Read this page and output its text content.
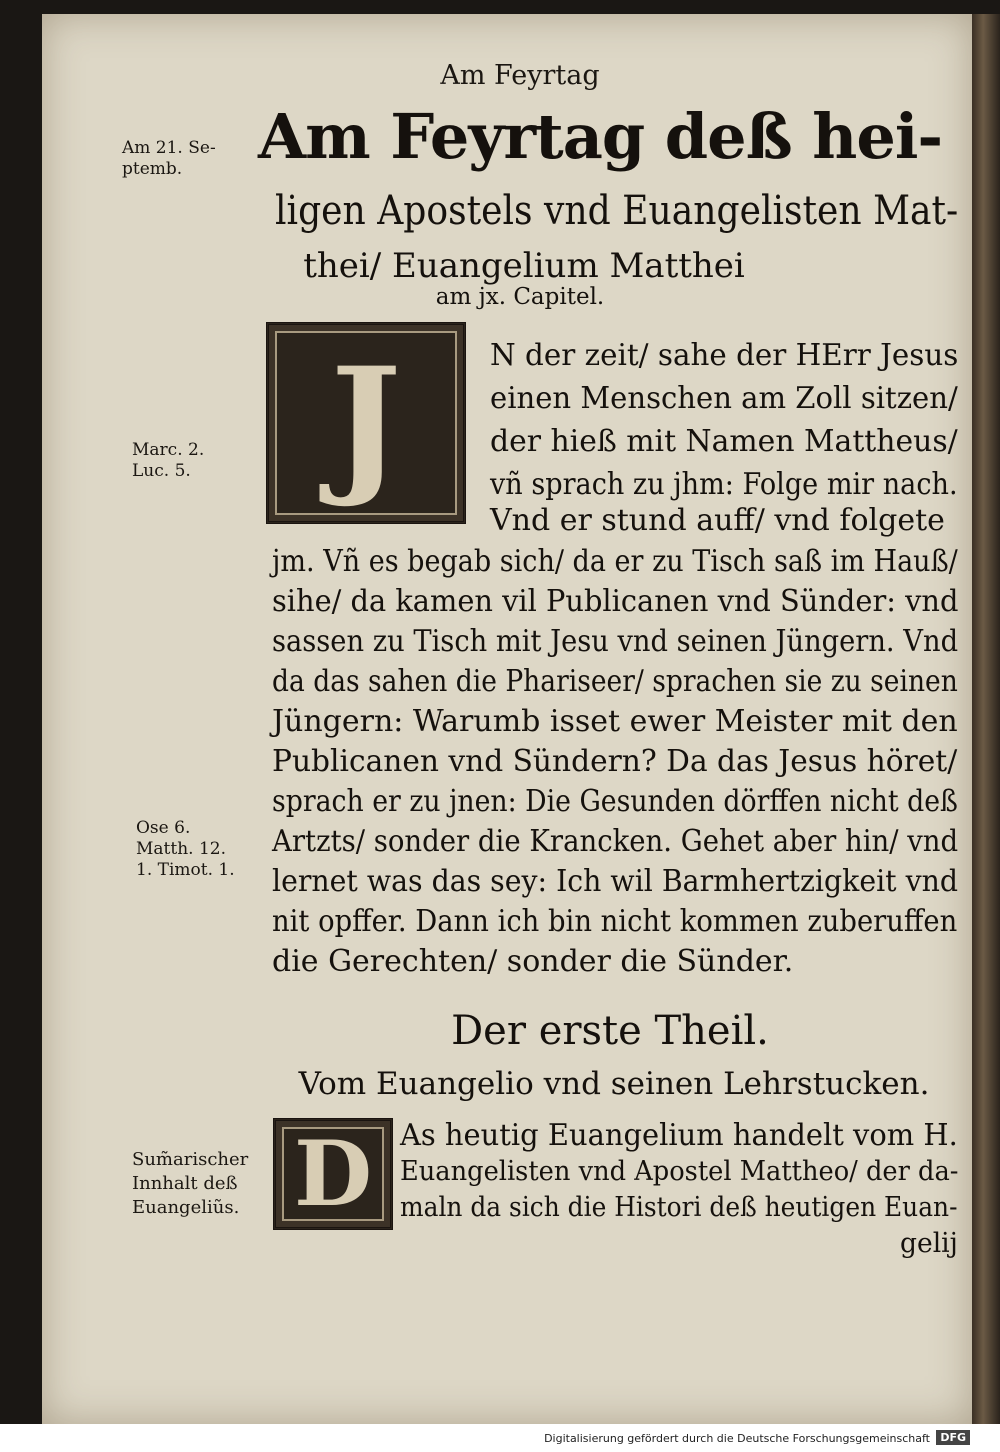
Am Feyrtag
Am Feyrtag deß hei-
ligen Apostels vnd Euangelisten Mat-
thei/ Euangelium Matthei
am jx. Capitel.
Am 21. Se-
ptemb.
Marc. 2.
Luc. 5.
Ose 6.
Matth. 12.
1. Timot. 1.
Sum̃arischer
Innhalt deß
Euangeliũs.
J
D
N der zeit/ sahe der HErr Jesus
einen Menschen am Zoll sitzen/
der hieß mit Namen Mattheus/
vñ sprach zu jhm: Folge mir nach.
Vnd er stund auff/ vnd folgete
jm. Vñ es begab sich/ da er zu Tisch saß im Hauß/
sihe/ da kamen vil Publicanen vnd Sünder: vnd
sassen zu Tisch mit Jesu vnd seinen Jüngern. Vnd
da das sahen die Phariseer/ sprachen sie zu seinen
Jüngern: Warumb isset ewer Meister mit den
Publicanen vnd Sündern? Da das Jesus höret/
sprach er zu jnen: Die Gesunden dörffen nicht deß
Artzts/ sonder die Krancken. Gehet aber hin/ vnd
lernet was das sey: Ich wil Barmhertzigkeit vnd
nit opffer. Dann ich bin nicht kommen zuberuffen
die Gerechten/ sonder die Sünder.
Der erste Theil.
Vom Euangelio vnd seinen Lehrstucken.
As heutig Euangelium handelt vom H.
Euangelisten vnd Apostel Mattheo/ der da-
maln da sich die Histori deß heutigen Euan-
gelij
Digitalisierung gefördert durch die Deutsche Forschungsgemeinschaft DFG
